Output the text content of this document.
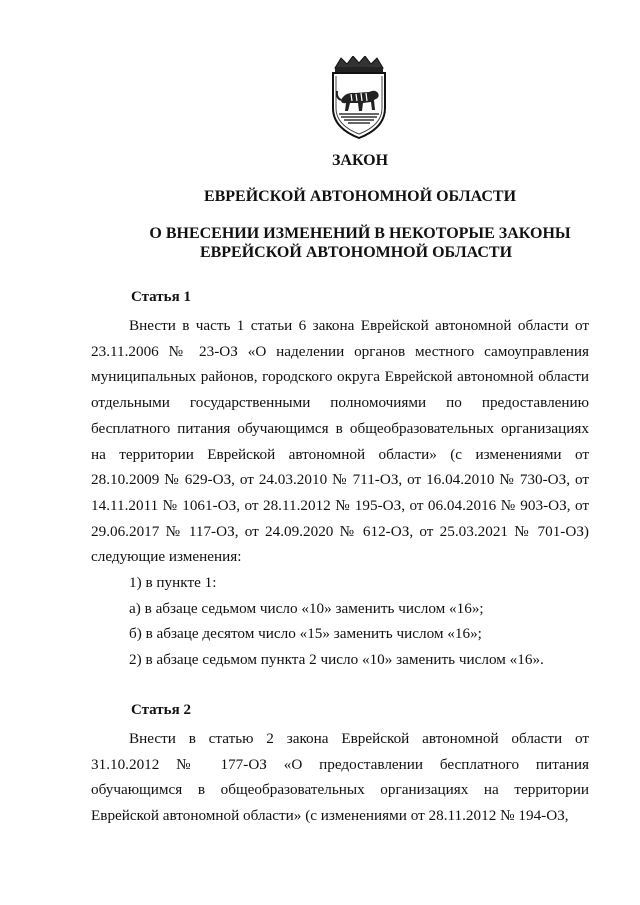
ЗАКОН
ЕВРЕЙСКОЙ АВТОНОМНОЙ ОБЛАСТИ
О ВНЕСЕНИИ ИЗМЕНЕНИЙ В НЕКОТОРЫЕ ЗАКОНЫ
ЕВРЕЙСКОЙ АВТОНОМНОЙ ОБЛАСТИ
Статья 1
Внести в часть 1 статьи 6 закона Еврейской автономной области от 23.11.2006 № 23-ОЗ «О наделении органов местного самоуправления муниципальных районов, городского округа Еврейской автономной области отдельными государственными полномочиями по предоставлению бесплатного питания обучающимся в общеобразовательных организациях на территории Еврейской автономной области» (с изменениями от 28.10.2009 № 629-ОЗ, от 24.03.2010 № 711-ОЗ, от 16.04.2010 № 730-ОЗ, от 14.11.2011 № 1061-ОЗ, от 28.11.2012 № 195-ОЗ, от 06.04.2016 № 903-ОЗ, от 29.06.2017 № 117-ОЗ, от 24.09.2020 № 612-ОЗ, от 25.03.2021 № 701-ОЗ) следующие изменения:
1) в пункте 1:
а) в абзаце седьмом число «10» заменить числом «16»;
б) в абзаце десятом число «15» заменить числом «16»;
2) в абзаце седьмом пункта 2 число «10» заменить числом «16».
Статья 2
Внести в статью 2 закона Еврейской автономной области от 31.10.2012 № 177-ОЗ «О предоставлении бесплатного питания обучающимся в общеобразовательных организациях на территории Еврейской автономной области» (с изменениями от 28.11.2012 № 194-ОЗ,
